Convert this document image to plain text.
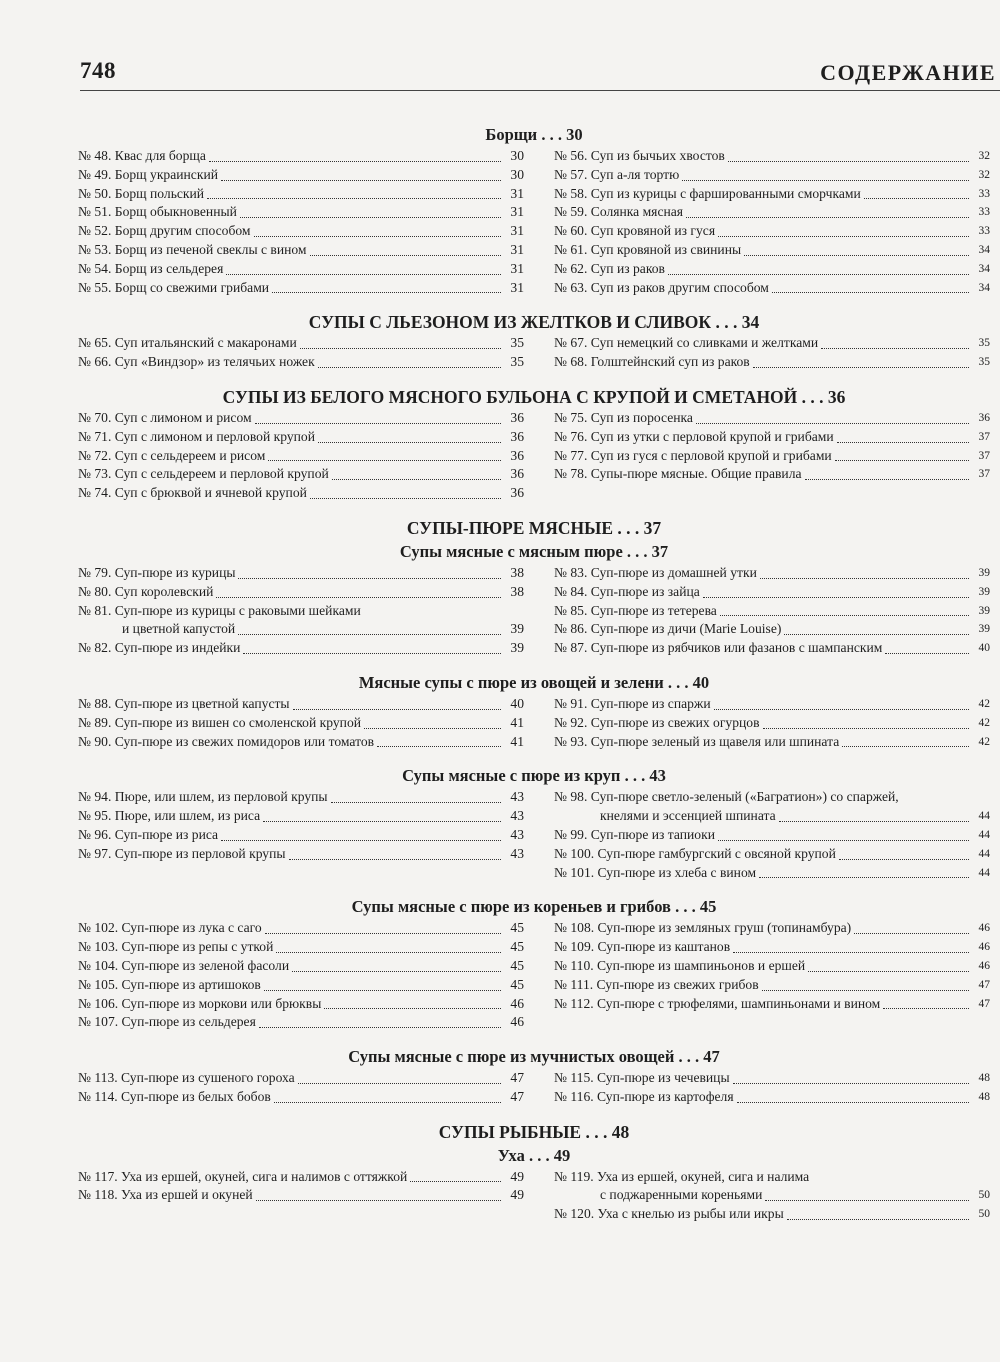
748	СОДЕРЖАНИЕ
Борщи . . . 30
№ 48. Квас для борща	30
№ 49. Борщ украинский	30
№ 50. Борщ польский	31
№ 51. Борщ обыкновенный	31
№ 52. Борщ другим способом	31
№ 53. Борщ из печеной свеклы с вином	31
№ 54. Борщ из сельдерея	31
№ 55. Борщ со свежими грибами	31
№ 56. Суп из бычьих хвостов	32
№ 57. Суп а-ля тортю	32
№ 58. Суп из курицы с фаршированными сморчками	33
№ 59. Солянка мясная	33
№ 60. Суп кровяной из гуся	33
№ 61. Суп кровяной из свинины	34
№ 62. Суп из раков	34
№ 63. Суп из раков другим способом	34
СУПЫ С ЛЬЕЗОНОМ ИЗ ЖЕЛТКОВ И СЛИВОК . . . 34
№ 65. Суп итальянский с макаронами	35
№ 66. Суп «Виндзор» из телячьих ножек	35
№ 67. Суп немецкий со сливками и желтками	35
№ 68. Голштейнский суп из раков	35
СУПЫ ИЗ БЕЛОГО МЯСНОГО БУЛЬОНА С КРУПОЙ И СМЕТАНОЙ . . . 36
№ 70. Суп с лимоном и рисом	36
№ 71. Суп с лимоном и перловой крупой	36
№ 72. Суп с сельдереем и рисом	36
№ 73. Суп с сельдереем и перловой крупой	36
№ 74. Суп с брюквой и ячневой крупой	36
№ 75. Суп из поросенка	36
№ 76. Суп из утки с перловой крупой и грибами	37
№ 77. Суп из гуся с перловой крупой и грибами	37
№ 78. Супы-пюре мясные. Общие правила	37
СУПЫ-ПЮРЕ МЯСНЫЕ . . . 37
Супы мясные с мясным пюре . . . 37
№ 79. Суп-пюре из курицы	38
№ 80. Суп королевский	38
№ 81. Суп-пюре из курицы с раковыми шейками
и цветной капустой	39
№ 82. Суп-пюре из индейки	39
№ 83. Суп-пюре из домашней утки	39
№ 84. Суп-пюре из зайца	39
№ 85. Суп-пюре из тетерева	39
№ 86. Суп-пюре из дичи (Marie Louise)	39
№ 87. Суп-пюре из рябчиков или фазанов с шампанским	40
Мясные супы с пюре из овощей и зелени . . . 40
№ 88. Суп-пюре из цветной капусты	40
№ 89. Суп-пюре из вишен со смоленской крупой	41
№ 90. Суп-пюре из свежих помидоров или томатов	41
№ 91. Суп-пюре из спаржи	42
№ 92. Суп-пюре из свежих огурцов	42
№ 93. Суп-пюре зеленый из щавеля или шпината	42
Супы мясные с пюре из круп . . . 43
№ 94. Пюре, или шлем, из перловой крупы	43
№ 95. Пюре, или шлем, из риса	43
№ 96. Суп-пюре из риса	43
№ 97. Суп-пюре из перловой крупы	43
№ 98. Суп-пюре светло-зеленый («Багратион») со спаржей,
кнелями и эссенцией шпината	44
№ 99. Суп-пюре из тапиоки	44
№ 100. Суп-пюре гамбургский с овсяной крупой	44
№ 101. Суп-пюре из хлеба с вином	44
Супы мясные с пюре из кореньев и грибов . . . 45
№ 102. Суп-пюре из лука с саго	45
№ 103. Суп-пюре из репы с уткой	45
№ 104. Суп-пюре из зеленой фасоли	45
№ 105. Суп-пюре из артишоков	45
№ 106. Суп-пюре из моркови или брюквы	46
№ 107. Суп-пюре из сельдерея	46
№ 108. Суп-пюре из земляных груш (топинамбура)	46
№ 109. Суп-пюре из каштанов	46
№ 110. Суп-пюре из шампиньонов и ершей	46
№ 111. Суп-пюре из свежих грибов	47
№ 112. Суп-пюре с трюфелями, шампиньонами и вином	47
Супы мясные с пюре из мучнистых овощей . . . 47
№ 113. Суп-пюре из сушеного гороха	47
№ 114. Суп-пюре из белых бобов	47
№ 115. Суп-пюре из чечевицы	48
№ 116. Суп-пюре из картофеля	48
СУПЫ РЫБНЫЕ . . . 48
Уха . . . 49
№ 117. Уха из ершей, окуней, сига и налимов с оттяжкой	49
№ 118. Уха из ершей и окуней	49
№ 119. Уха из ершей, окуней, сига и налима
с поджаренными кореньями	50
№ 120. Уха с кнелью из рыбы или икры	50
